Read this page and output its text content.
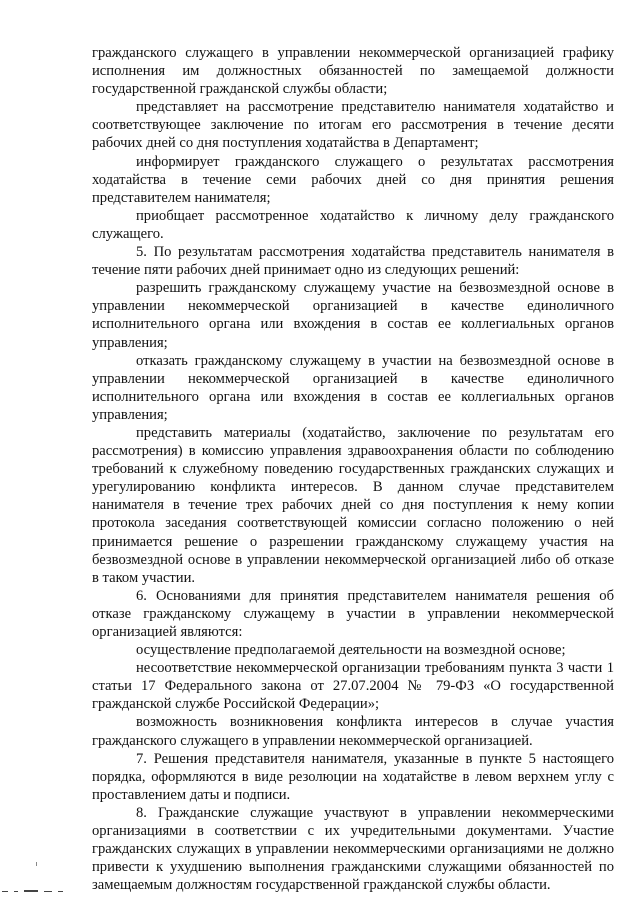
гражданского служащего в управлении некоммерческой организацией графику исполнения им должностных обязанностей по замещаемой должности государственной гражданской службы области;

представляет на рассмотрение представителю нанимателя ходатайство и соответствующее заключение по итогам его рассмотрения в течение десяти рабочих дней со дня поступления ходатайства в Департамент;

информирует гражданского служащего о результатах рассмотрения ходатайства в течение семи рабочих дней со дня принятия решения представителем нанимателя;

приобщает рассмотренное ходатайство к личному делу гражданского служащего.

5. По результатам рассмотрения ходатайства представитель нанимателя в течение пяти рабочих дней принимает одно из следующих решений:

разрешить гражданскому служащему участие на безвозмездной основе в управлении некоммерческой организацией в качестве единоличного исполнительного органа или вхождения в состав ее коллегиальных органов управления;

отказать гражданскому служащему в участии на безвозмездной основе в управлении некоммерческой организацией в качестве единоличного исполнительного органа или вхождения в состав ее коллегиальных органов управления;

представить материалы (ходатайство, заключение по результатам его рассмотрения) в комиссию управления здравоохранения области по соблюдению требований к служебному поведению государственных гражданских служащих и урегулированию конфликта интересов. В данном случае представителем нанимателя в течение трех рабочих дней со дня поступления к нему копии протокола заседания соответствующей комиссии согласно положению о ней принимается решение о разрешении гражданскому служащему участия на безвозмездной основе в управлении некоммерческой организацией либо об отказе в таком участии.

6. Основаниями для принятия представителем нанимателя решения об отказе гражданскому служащему в участии в управлении некоммерческой организацией являются:

осуществление предполагаемой деятельности на возмездной основе;

несоответствие некоммерческой организации требованиям пункта 3 части 1 статьи 17 Федерального закона от 27.07.2004 № 79-ФЗ «О государственной гражданской службе Российской Федерации»;

возможность возникновения конфликта интересов в случае участия гражданского служащего в управлении некоммерческой организацией.

7. Решения представителя нанимателя, указанные в пункте 5 настоящего порядка, оформляются в виде резолюции на ходатайстве в левом верхнем углу с проставлением даты и подписи.

8. Гражданские служащие участвуют в управлении некоммерческими организациями в соответствии с их учредительными документами. Участие гражданских служащих в управлении некоммерческими организациями не должно привести к ухудшению выполнения гражданскими служащими обязанностей по замещаемым должностям государственной гражданской службы области.
